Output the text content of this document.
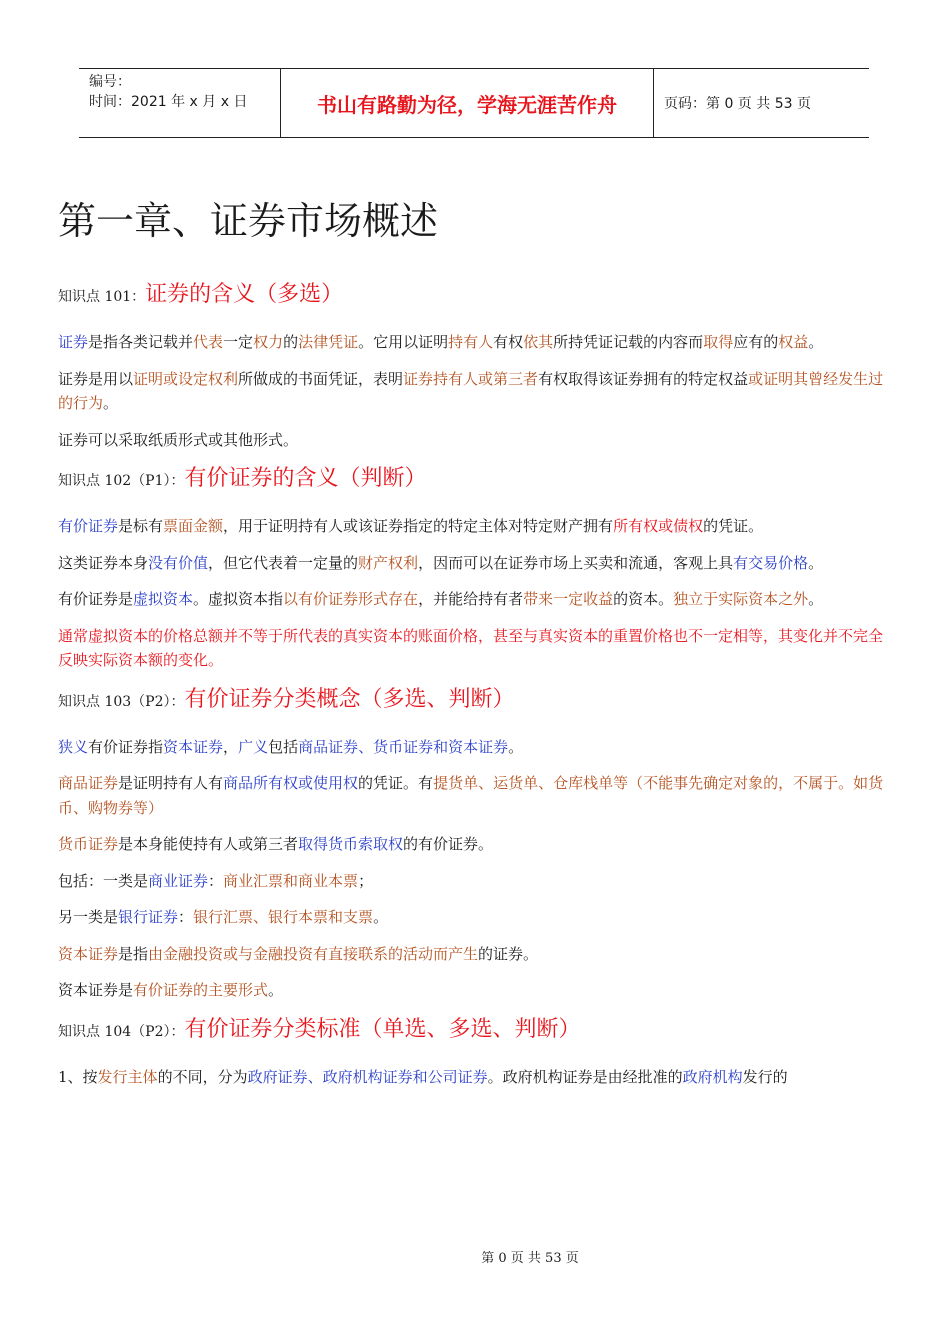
编号：
时间：2021 年 x 月 x 日	书山有路勤为径，学海无涯苦作舟	页码：第 0 页 共 53 页
第一章、证券市场概述
知识点 101：证券的含义（多选）

证券是指各类记载并代表一定权力的法律凭证。它用以证明持有人有权依其所持凭证记载的内容而取得应有的权益。

证券是用以证明或设定权利所做成的书面凭证，表明证券持有人或第三者有权取得该证券拥有的特定权益或证明其曾经发生过的行为。

证券可以采取纸质形式或其他形式。

知识点 102（P1）：有价证券的含义（判断）

有价证券是标有票面金额，用于证明持有人或该证券指定的特定主体对特定财产拥有所有权或债权的凭证。

这类证券本身没有价值，但它代表着一定量的财产权利，因而可以在证券市场上买卖和流通，客观上具有交易价格。

有价证券是虚拟资本。虚拟资本指以有价证券形式存在，并能给持有者带来一定收益的资本。独立于实际资本之外。

通常虚拟资本的价格总额并不等于所代表的真实资本的账面价格，甚至与真实资本的重置价格也不一定相等，其变化并不完全反映实际资本额的变化。

知识点 103（P2）：有价证券分类概念（多选、判断）

狭义有价证券指资本证券，广义包括商品证券、货币证券和资本证券。

商品证券是证明持有人有商品所有权或使用权的凭证。有提货单、运货单、仓库栈单等（不能事先确定对象的，不属于。如货币、购物券等）

货币证券是本身能使持有人或第三者取得货币索取权的有价证券。

包括：一类是商业证券：商业汇票和商业本票；

另一类是银行证券：银行汇票、银行本票和支票。

资本证券是指由金融投资或与金融投资有直接联系的活动而产生的证券。

资本证券是有价证券的主要形式。

知识点 104（P2）：有价证券分类标准（单选、多选、判断）

1、按发行主体的不同，分为政府证券、政府机构证券和公司证券。政府机构证券是由经批准的政府机构发行的

第 0 页 共 53 页
